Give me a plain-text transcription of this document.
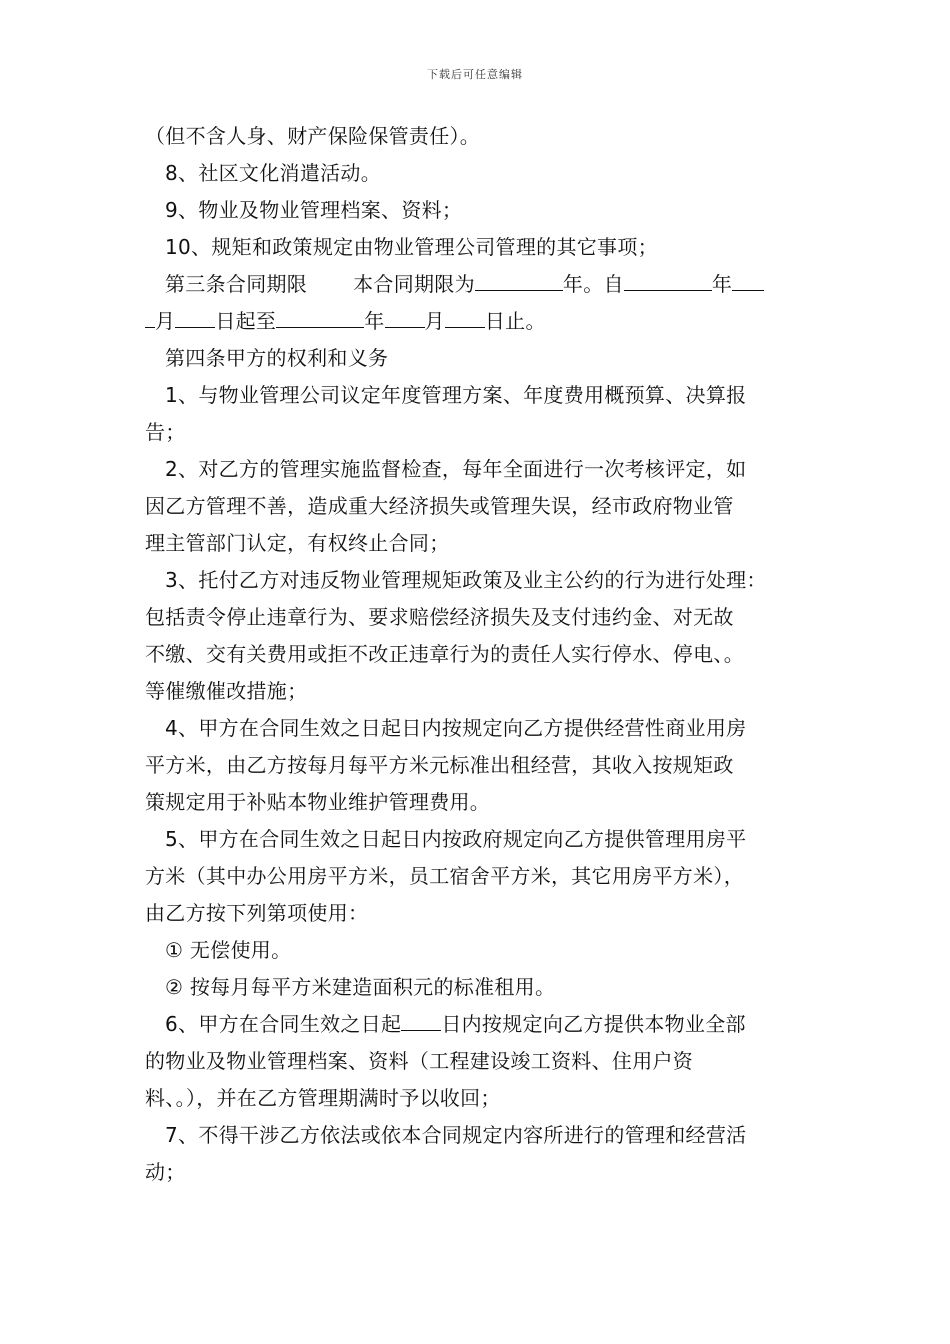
下载后可任意编辑
（但不含人身、财产保险保管责任）。
8、社区文化消遣活动。
9、物业及物业管理档案、资料；
10、规矩和政策规定由物业管理公司管理的其它事项；
第三条合同期限 本合同期限为	年。自	年
月 日起至	年 月 日止。
第四条甲方的权利和义务
1、与物业管理公司议定年度管理方案、年度费用概预算、决算报
告；
2、对乙方的管理实施监督检查，每年全面进行一次考核评定，如
因乙方管理不善，造成重大经济损失或管理失误，经市政府物业管
理主管部门认定，有权终止合同；
3、托付乙方对违反物业管理规矩政策及业主公约的行为进行处理：
包括责令停止违章行为、要求赔偿经济损失及支付违约金、对无故
不缴、交有关费用或拒不改正违章行为的责任人实行停水、停电、。
等催缴催改措施；
4、甲方在合同生效之日起日内按规定向乙方提供经营性商业用房
平方米，由乙方按每月每平方米元标准出租经营，其收入按规矩政
策规定用于补贴本物业维护管理费用。
5、甲方在合同生效之日起日内按政府规定向乙方提供管理用房平
方米（其中办公用房平方米，员工宿舍平方米，其它用房平方米），
由乙方按下列第项使用：
① 无偿使用。
② 按每月每平方米建造面积元的标准租用。
6、甲方在合同生效之日起 日内按规定向乙方提供本物业全部
的物业及物业管理档案、资料（工程建设竣工资料、住用户资
料、。），并在乙方管理期满时予以收回；
7、不得干涉乙方依法或依本合同规定内容所进行的管理和经营活
动；
